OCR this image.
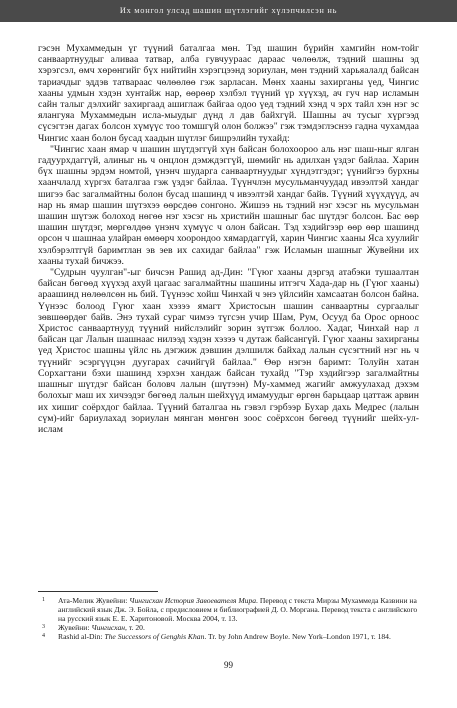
Их монгол улсад шашин шүтлэгийг хүлэпчилсэн нь

гэсэн Мухаммедын үг түүний баталгаа мөн. Тэд шашин бүрийн хамгийн ном-тойг санваартнуудыг аливаа татвар, алба гувчуураас дараас чөлөөлж, тэдний шашны эд хэрэгсэл, өмч хөрөнгийг бүх нийтийн хэрэгцээнд зориулан, мөн тэдний харьяалалд байсан тариачдыг эддэв татвараас чөлөөлөө гэж зарласан. Мөнх хааны захирганы үед, Чингис хааны удмын хэдэн хунтайж нар, өөрөөр хэлбэл түүний үр хүүхэд, ач гуч нар исламын сайн талыг дэлхийг захиргаад ашиглаж байгаа одоо үед тэдний хэнд ч эрх тайл хэн нэг эс ялангуяа Мухаммедын исла-мыудыг дүнд л дав байхгүй. Шашны ач тусыг хүргээд сүсэгтэн дагах болсон хүмүүс тоо томшгүй олон болжээ" гэж тэмдэглэснээ гадна чухамдаа Чингис хаан болон бусад хаадын шүтлэг бишрэлийн тухайд:

"Чингис хаан ямар ч шашин шүтдэггүй хүн байсан болохоороо аль нэг шаш-ныг ялган гадуурхдаггүй, алиныг нь ч онцлон дэмждэггүй, шөмийг нь адилхан үздэг байлаа. Харин бүх шашны эрдэм номтой, үнэнч шударга санваартнуудыг хүндэтгэдэг; үүнийгээ бурхны хаанчлалд хүргэх баталгаа гэж үздэг байлаа. Түүнчлэн мусульманчуудад ивээлтэй хандаг шигээ бас загалмайтны болон бусад шашинд ч ивээлтэй хандаг байв. Түүний хүүхдүүд, ач нар нь ямар шашин шүтэхээ өөрсдөө сонгоно. Жишээ нь тэдний нэг хэсэг нь мусульман шашин шүтэж болоход нөгөө нэг хэсэг нь христийн шашныг бас шүтдэг болсон. Бас өөр шашин шүтдэг, мөргөлдөө үнэнч хүмүүс ч олон байсан. Тэд хэдийгээр өөр өөр шашинд орсон ч шашнаа улайран өмөөрч хоорондоо хямардаггүй, харин Чингис хааны Яса хуулийг хэлбэрэлтгүй баримтлан эв эев их сахидаг байлаа" гэж Исламын шашныг Жувейни их хааны тухай бичжээ.

"Судрын чуулган"-ыг бичсэн Рашид ад-Дин: "Гүюг хааны дэргэд атабэки тушаалтан байсан бөгөөд хүүхэд ахуй цагаас загалмайтны шашины итгэгч Хада-дар нь (Гүюг хааны) араашинд нөлөөлсөн нь бий. Түүнээс хойш Чинхай ч энэ үйлсийн хамсаатан болсон байна. Үүнээс болоод Гүюг хаан хэзээ ямагт Христосын шашин санваартны сургаалыг зөвшөөрдөг байв. Энэ тухай сураг чимээ түгсэн учир Шам, Рум, Осууд ба Орос орноос Христос санваартнууд түүний нийслэлийг зорин зүтгэж боллоо. Хадаг, Чинхай нар л байсан цаг Лалын шашнаас нилээд хэдэн хэзээ ч дутаж байсангүй. Гүюг хааны захирганы үед Христос шашны үйлс нь дэгжиж дэвшин дэлшилж байхад лалын сүсэгтний нэг нь ч түүнийг эсэргүүцэн дуугарах сачийгүй байлаа." Өөр нэгэн баримт: Толуйн хатан Сорхагтани бэхи шашинд хэрхэн хандаж байсан тухайд "Тэр хэдийгээр загалмайтны шашныг шүтдэг байсан боловч лалын (шүтээн) Му-хаммед жагийг амжуулахад дэхэм болохыг маш их хичээдэг бөгөөд лалын шейхүүд имамуудыг өргөн барьцаар цаттаж арвин их хишиг соёрхдог байлаа. Түүний баталгаа нь гэвэл гэрбээр Бухар дахь Медрес (лалын сүм)-ийг бариулахад зориулан мянган мөнгөн зоос соёрхсон бөгөөд түүнийг шейх-ул-ислам

1 Ата-Мелик Жувейни: Чингисхан История Завоевателя Мира. Перевод с текста Мирзы Мухаммеда Казвини на английский язык Дж. Э. Бойла, с предисловием и библиографией Д. О. Моргана. Перевод текста с английского на русский язык Е. Е. Харитоновой. Москва 2004, т. 13.

3 Жувейни: Чингисхан, т. 20.

4 Rashid al-Din: The Successors of Genghis Khan. Tr. by John Andrew Boyle. New York–London 1971, т. 184.

99
